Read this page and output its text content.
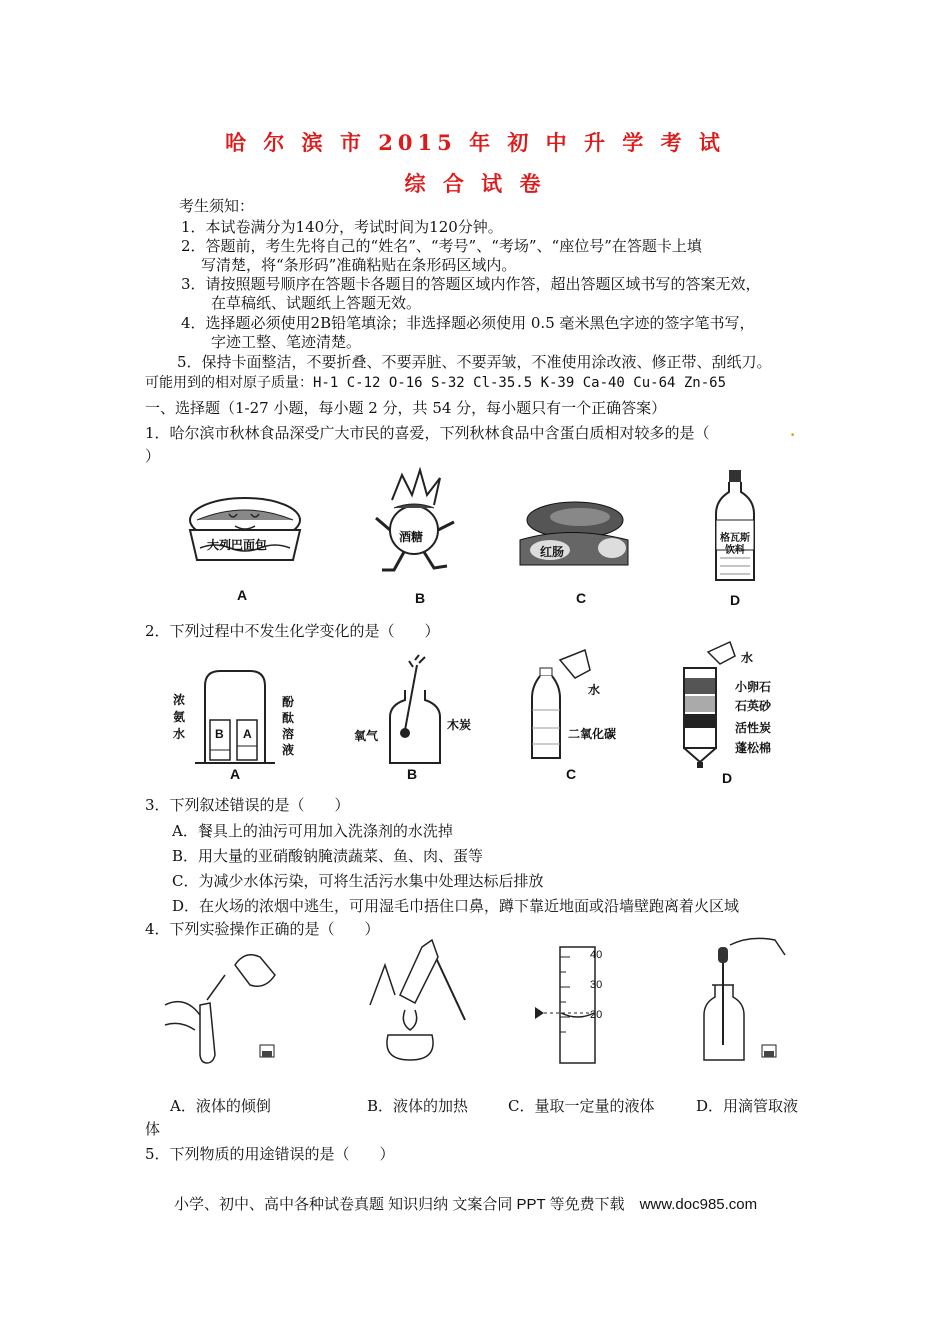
哈 尔 滨 市 2015 年 初 中 升 学 考 试
综 合 试 卷
考生须知：
1．本试卷满分为140分，考试时间为120分钟。
2．答题前，考生先将自己的“姓名”、“考号”、“考场”、“座位号”在答题卡上填
写清楚，将“条形码”准确粘贴在条形码区域内。
3．请按照题号顺序在答题卡各题目的答题区域内作答，超出答题区域书写的答案无效，
在草稿纸、试题纸上答题无效。
4．选择题必须使用2B铅笔填涂；非选择题必须使用 0.5 毫米黑色字迹的签字笔书写，
字迹工整、笔迹清楚。
5．保持卡面整洁，不要折叠、不要弄脏、不要弄皱，不准使用涂改液、修正带、刮纸刀。
可能用到的相对原子质量：H-1 C-12 O-16 S-32 Cl-35.5 K-39 Ca-40 Cu-64 Zn-65
一、选择题（1-27 小题，每小题 2 分，共 54 分，每小题只有一个正确答案）
1．哈尔滨市秋林食品深受广大市民的喜爱，下列秋林食品中含蛋白质相对较多的是（	.
）
大列巴面包
酒糖
红肠
格瓦斯饮料
A	B	C	D
2．下列过程中不发生化学变化的是（　　）
B A
浓
氨
水
酚
酞
溶
液
氧气
木炭
水
二氧化碳
水
小卵石
石英砂
活性炭
蓬松棉
A	B	C	D
3．下列叙述错误的是（　　）
A．餐具上的油污可用加入洗涤剂的水洗掉
B．用大量的亚硝酸钠腌渍蔬菜、鱼、肉、蛋等
C．为减少水体污染，可将生活污水集中处理达标后排放
D．在火场的浓烟中逃生，可用湿毛巾捂住口鼻，蹲下靠近地面或沿墙壁跑离着火区域
4．下列实验操作正确的是（　　）
40
30
20
A．液体的倾倒	B．液体的加热	C．量取一定量的液体	D．用滴管取液
体
5．下列物质的用途错误的是（　　）
小学、初中、高中各种试卷真题 知识归纳 文案合同 PPT 等免费下载　www.doc985.com
